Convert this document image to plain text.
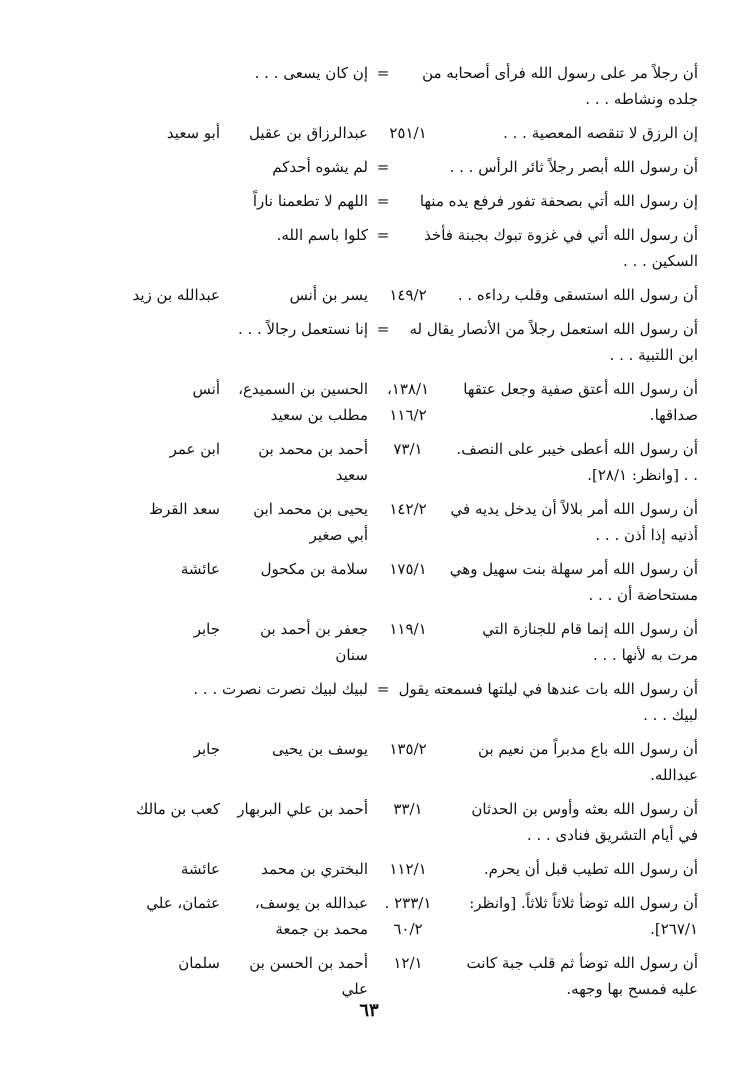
أن رجلاً مر على رسول الله فرأى أصحابه من جلده ونشاطه . . .
=
إن كان يسعى . . .
إن الرزق لا تنقصه المعصية . . .
٢٥١/١
عبدالرزاق بن عقيل
أبو سعيد
أن رسول الله أبصر رجلاً ثائر الرأس . . .
=
لم يشوه أحدكم
إن رسول الله أتي بصحفة تفور فرفع يده منها
=
اللهم لا تطعمنا ناراً
أن رسول الله أتي في غزوة تبوك بجبنة فأخذ السكين . . .
=
كلوا باسم الله.
أن رسول الله استسقى وقلب رداءه . .
١٤٩/٢
يسر بن أنس
عبدالله بن زيد
أن رسول الله استعمل رجلاً من الأنصار يقال له ابن اللتبية . . .
=
إنا نستعمل رجالاً . . .
أن رسول الله أعتق صفية وجعل عتقها صداقها.
١٣٨/١، ١١٦/٢
الحسين بن السميدع، مطلب بن سعيد
أنس
أن رسول الله أعطى خيبر على النصف. . . [وانظر: ٢٨/١].
٧٣/١
أحمد بن محمد بن سعيد
ابن عمر
أن رسول الله أمر بلالاً أن يدخل يديه في أذنيه إذا أذن . . .
١٤٢/٢
يحيى بن محمد ابن أبي صغير
سعد القرظ
أن رسول الله أمر سهلة بنت سهيل وهي مستحاضة أن . . .
١٧٥/١
سلامة بن مكحول
عائشة
أن رسول الله إنما قام للجنازة التي مرت به لأنها . . .
١١٩/١
جعفر بن أحمد بن سنان
جابر
أن رسول الله بات عندها في ليلتها فسمعته يقول لبيك . . .
=
لبيك لبيك نصرت نصرت . . .
أن رسول الله باع مدبراً من نعيم بن عبدالله.
١٣٥/٢
يوسف بن يحيى
جابر
أن رسول الله بعثه وأوس بن الحدثان في أيام التشريق فنادى . . .
٣٣/١
أحمد بن علي البربهار
كعب بن مالك
أن رسول الله تطيب قبل أن يحرم.
١١٢/١
البختري بن محمد
عائشة
أن رسول الله توضأ ثلاثاً ثلاثاً. [وانظر: ٢٦٧/١].
٢٣٣/١ . ٦٠/٢
عبدالله بن يوسف، محمد بن جمعة
عثمان، علي
أن رسول الله توضأ ثم قلب جبة كانت عليه فمسح بها وجهه.
١٢/١
أحمد بن الحسن بن علي
سلمان
٦٣
